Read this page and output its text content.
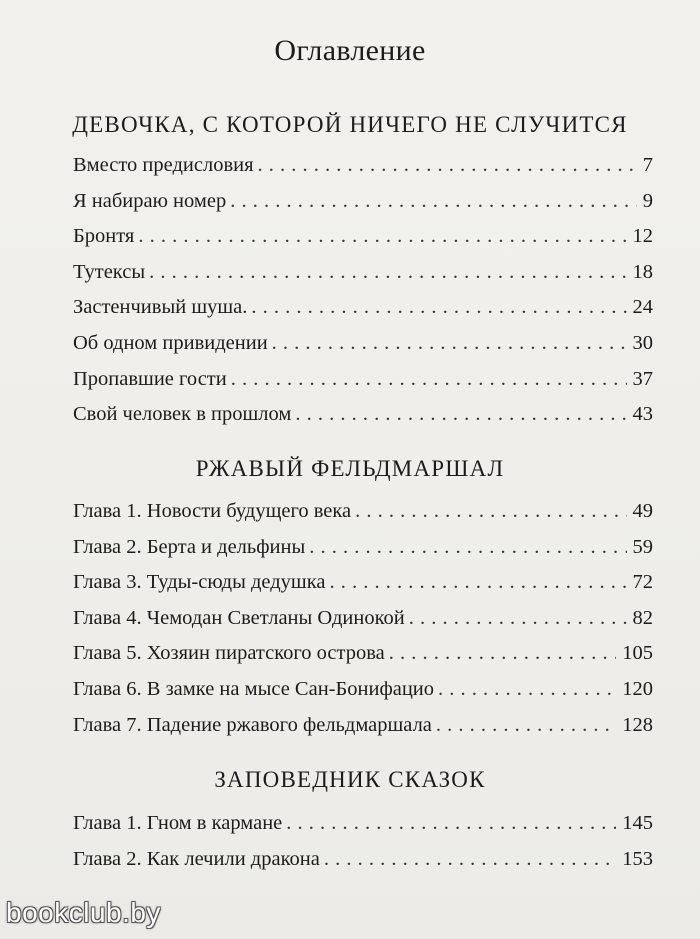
Оглавление
ДЕВОЧКА, С КОТОРОЙ НИЧЕГО НЕ СЛУЧИТСЯ
Вместо предисловия . . .	7
Я набираю номер . . .	9
Бронтя . . .	12
Тутексы . . .	18
Застенчивый шуша. . . .	24
Об одном привидении . . .	30
Пропавшие гости . . .	37
Свой человек в прошлом . . .	43
РЖАВЫЙ ФЕЛЬДМАРШАЛ
Глава 1. Новости будущего века . . .	49
Глава 2. Берта и дельфины . . .	59
Глава 3. Туды-сюды дедушка . . .	72
Глава 4. Чемодан Светланы Одинокой . . .	82
Глава 5. Хозяин пиратского острова . . .	105
Глава 6. В замке на мысе Сан-Бонифацио . . .	120
Глава 7. Падение ржавого фельдмаршала . . .	128
ЗАПОВЕДНИК СКАЗОК
Глава 1. Гном в кармане . . .	145
Глава 2. Как лечили дракона . . .	153
bookclub.by
